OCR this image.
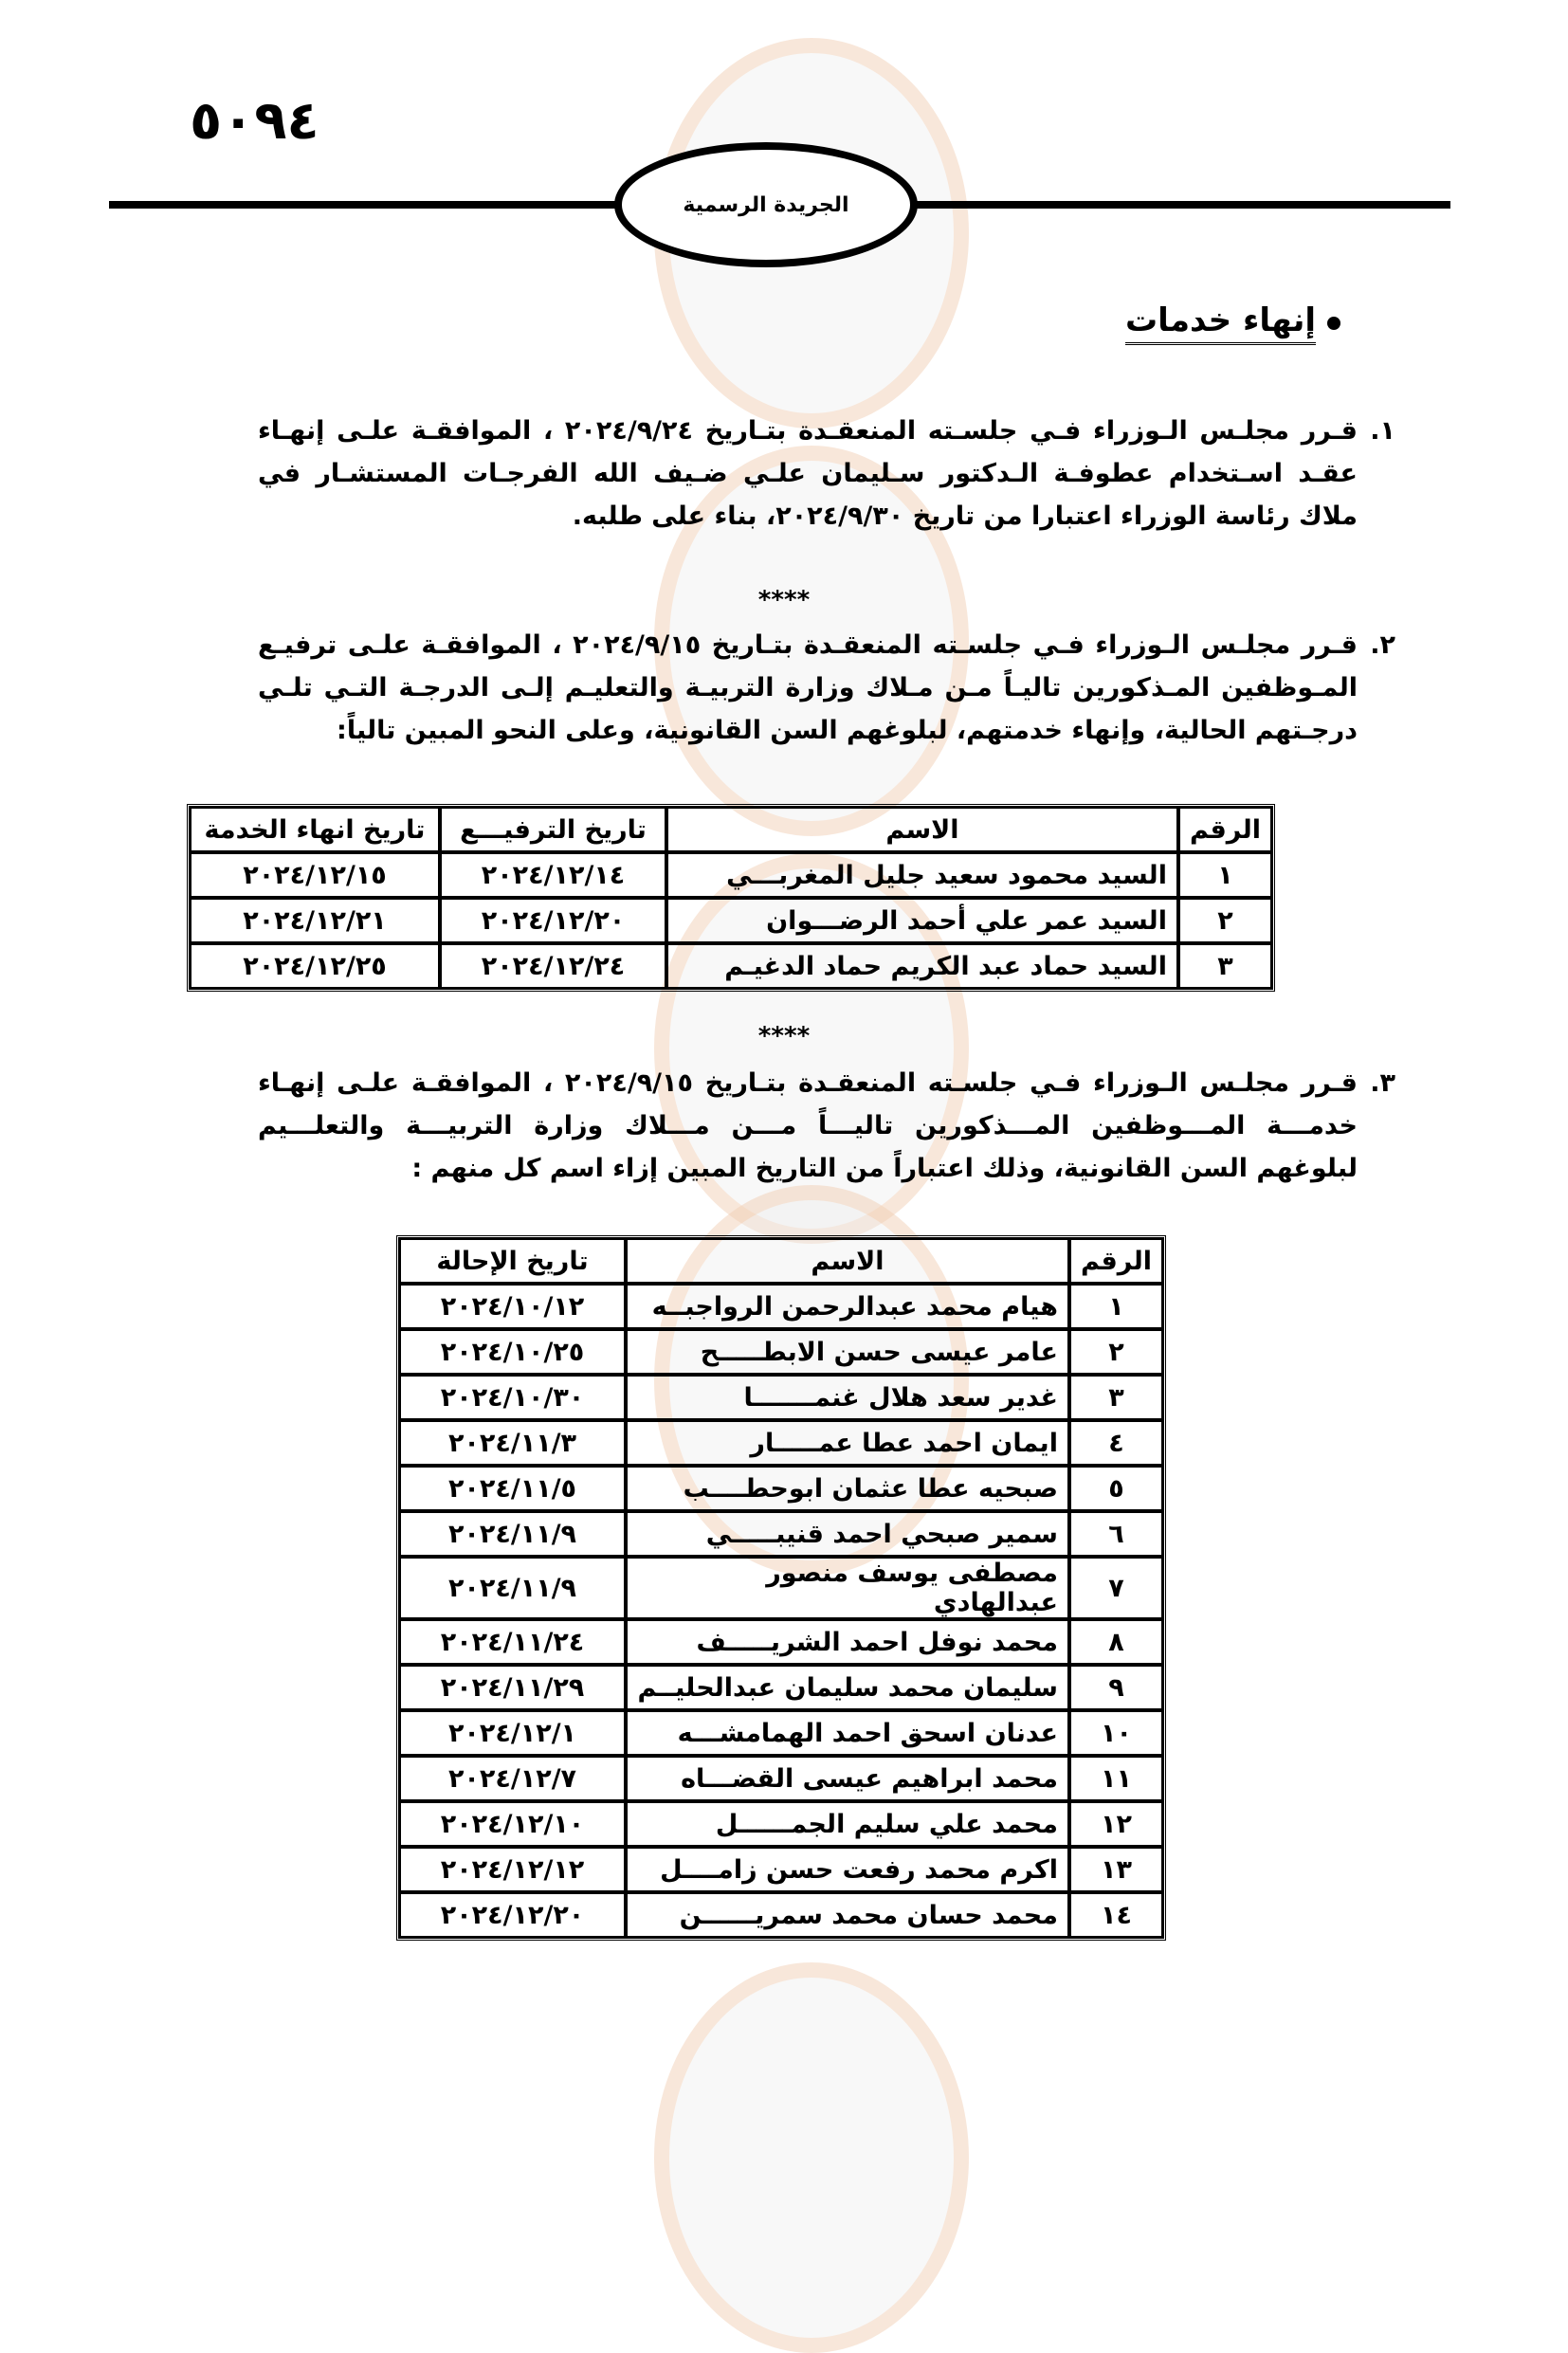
٥٠٩٤
الجريدة الرسمية
إنهاء خدمات
١.
قـرر مجلـس الـوزراء فـي جلسـته المنعقـدة بتـاريخ ٢٠٢٤/٩/٢٤ ، الموافقـة علـى إنهـاء عقـد اسـتخدام عطوفـة الـدكتور سـليمان علـي ضـيف الله الفرجـات المستشـار في ملاك رئاسة الوزراء اعتبارا من تاريخ ٢٠٢٤/٩/٣٠، بناء على طلبه.
****
٢.
قـرر مجلـس الـوزراء فـي جلسـته المنعقـدة بتـاريخ ٢٠٢٤/٩/١٥ ، الموافقـة علـى ترفيـع المـوظفين المـذكورين تاليـاً مـن مـلاك وزارة التربيـة والتعليـم إلـى الدرجـة التـي تلـي درجـتهم الحالية، وإنهاء خدمتهم، لبلوغهم السن القانونية، وعلى النحو المبين تالياً:
الرقم	الاسم	تاريخ الترفيـــع	تاريخ انهاء الخدمة
١	السيد محمود سعيد جليل المغربـــي	٢٠٢٤/١٢/١٤	٢٠٢٤/١٢/١٥
٢	السيد عمر علي أحمد الرضـــوان	٢٠٢٤/١٢/٢٠	٢٠٢٤/١٢/٢١
٣	السيد حماد عبد الكريم حماد الدغيـم	٢٠٢٤/١٢/٢٤	٢٠٢٤/١٢/٢٥
****
٣.
قـرر مجلـس الـوزراء فـي جلسـته المنعقـدة بتـاريخ ٢٠٢٤/٩/١٥ ، الموافقـة علـى إنهـاء خدمـــة المـــوظفين المـــذكورين تاليـــاً مـــن مـــلاك وزارة التربيـــة والتعلـــيم لبلوغهم السن القانونية، وذلك اعتباراً من التاريخ المبين إزاء اسم كل منهم :
الرقم	الاسم	تاريخ الإحالة
١	هيام محمد عبدالرحمن الرواجبــه	٢٠٢٤/١٠/١٢
٢	عامر عيسى حسن الابطـــــح	٢٠٢٤/١٠/٢٥
٣	غدير سعد هلال غنمـــــــا	٢٠٢٤/١٠/٣٠
٤	ايمان احمد عطا عمـــــار	٢٠٢٤/١١/٣
٥	صبحيه عطا عثمان ابوحطــــب	٢٠٢٤/١١/٥
٦	سمير صبحي احمد قنيبـــــي	٢٠٢٤/١١/٩
٧	مصطفى يوسف منصور عبدالهادي	٢٠٢٤/١١/٩
٨	محمد نوفل احمد الشريـــــف	٢٠٢٤/١١/٢٤
٩	سليمان محمد سليمان عبدالحليــم	٢٠٢٤/١١/٢٩
١٠	عدنان اسحق احمد الهمامشـــه	٢٠٢٤/١٢/١
١١	محمد ابراهيم عيسى القضـــاه	٢٠٢٤/١٢/٧
١٢	محمد علي سليم الجمــــــل	٢٠٢٤/١٢/١٠
١٣	اكرم محمد رفعت حسن زامــــل	٢٠٢٤/١٢/١٢
١٤	محمد حسان محمد سمريــــــن	٢٠٢٤/١٢/٢٠
